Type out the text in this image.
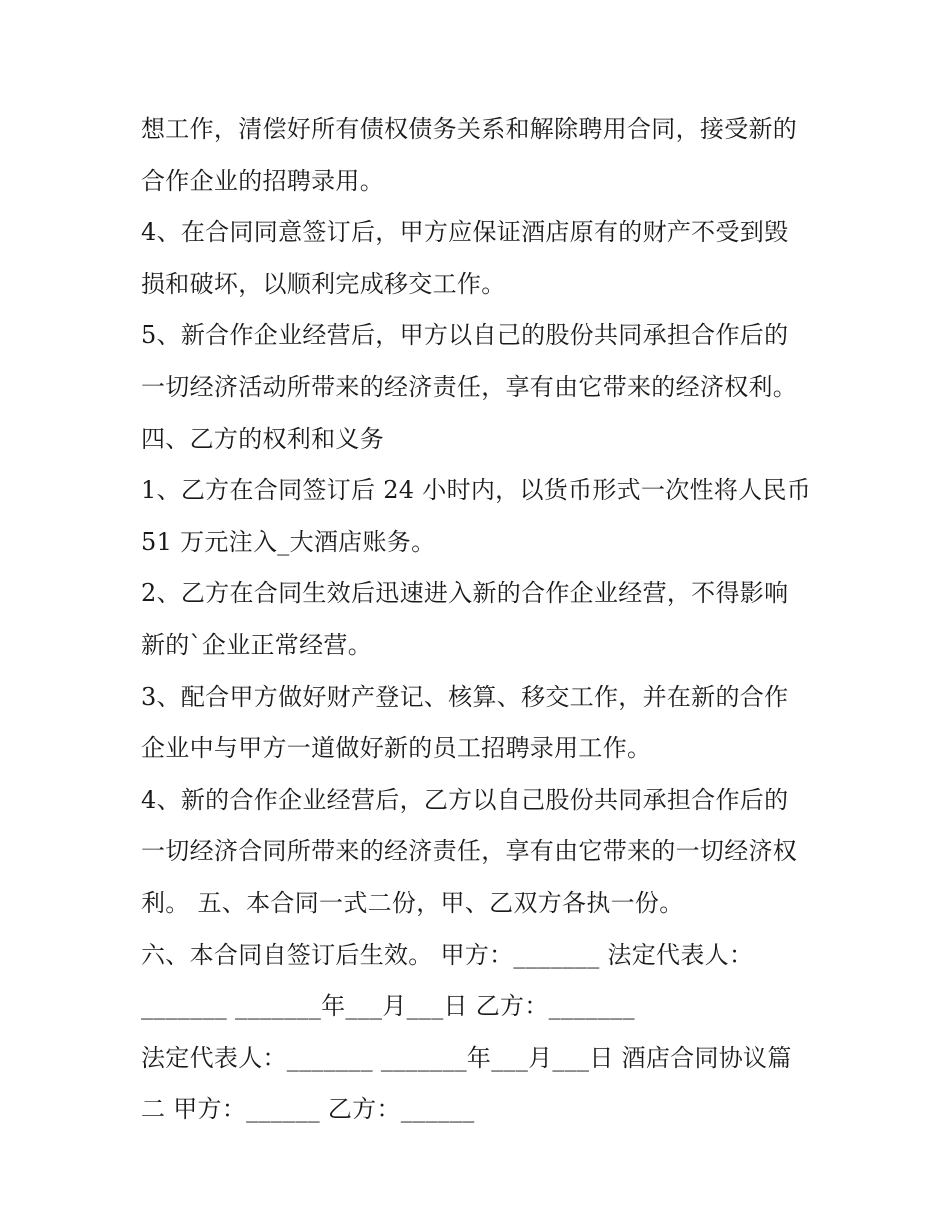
想工作，清偿好所有债权债务关系和解除聘用合同，接受新的
合作企业的招聘录用。
4、在合同同意签订后，甲方应保证酒店原有的财产不受到毁
损和破坏，以顺利完成移交工作。
5、新合作企业经营后，甲方以自己的股份共同承担合作后的
一切经济活动所带来的经济责任，享有由它带来的经济权利。
四、乙方的权利和义务
1、乙方在合同签订后 24 小时内，以货币形式一次性将人民币
51 万元注入_大酒店账务。
2、乙方在合同生效后迅速进入新的合作企业经营，不得影响
新的`企业正常经营。
3、配合甲方做好财产登记、核算、移交工作，并在新的合作
企业中与甲方一道做好新的员工招聘录用工作。
4、新的合作企业经营后，乙方以自己股份共同承担合作后的
一切经济合同所带来的经济责任，享有由它带来的一切经济权
利。 五、本合同一式二份，甲、乙双方各执一份。
六、本合同自签订后生效。 甲方：_______ 法定代表人：
_______ _______年___月___日 乙方：_______
法定代表人：_______ _______年___月___日 酒店合同协议篇
二 甲方：______ 乙方：______
